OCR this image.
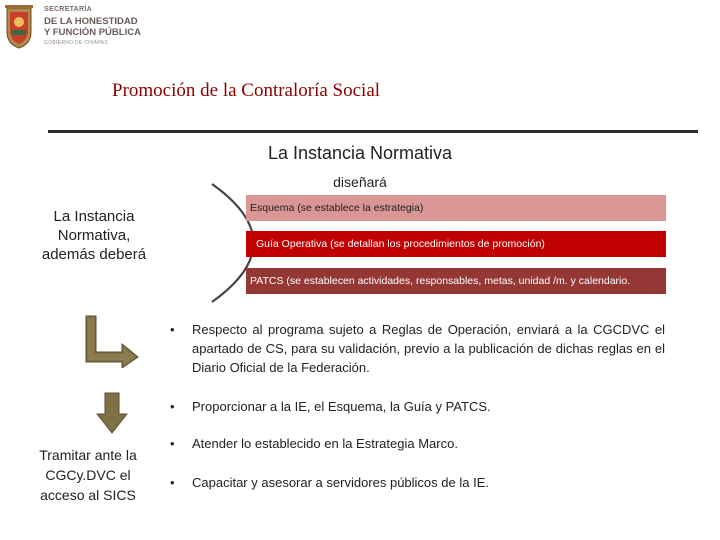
SECRETARÍA
DE LA HONESTIDAD
Y FUNCIÓN PÚBLICA
GOBIERNO DE CHIAPAS
Promoción de la Contraloría Social
La Instancia Normativa
diseñará
La Instancia Normativa, además deberá
Esquema (se establece la estrategia)
Guía Operativa (se detallan los procedimientos de promoción)
PATCS (se establecen actividades, responsables, metas, unidad /m. y calendario.
Tramitar ante la CGCy.DVC el acceso al SICS
•	Respecto al programa sujeto a Reglas de Operación, enviará a la CGCDVC el apartado de CS, para su validación, previo a la publicación de dichas reglas en el Diario Oficial de la Federación.
•	Proporcionar a la IE, el Esquema, la Guía y PATCS.
•	Atender lo establecido en la Estrategia Marco.
•	Capacitar y asesorar a servidores públicos de la IE.
